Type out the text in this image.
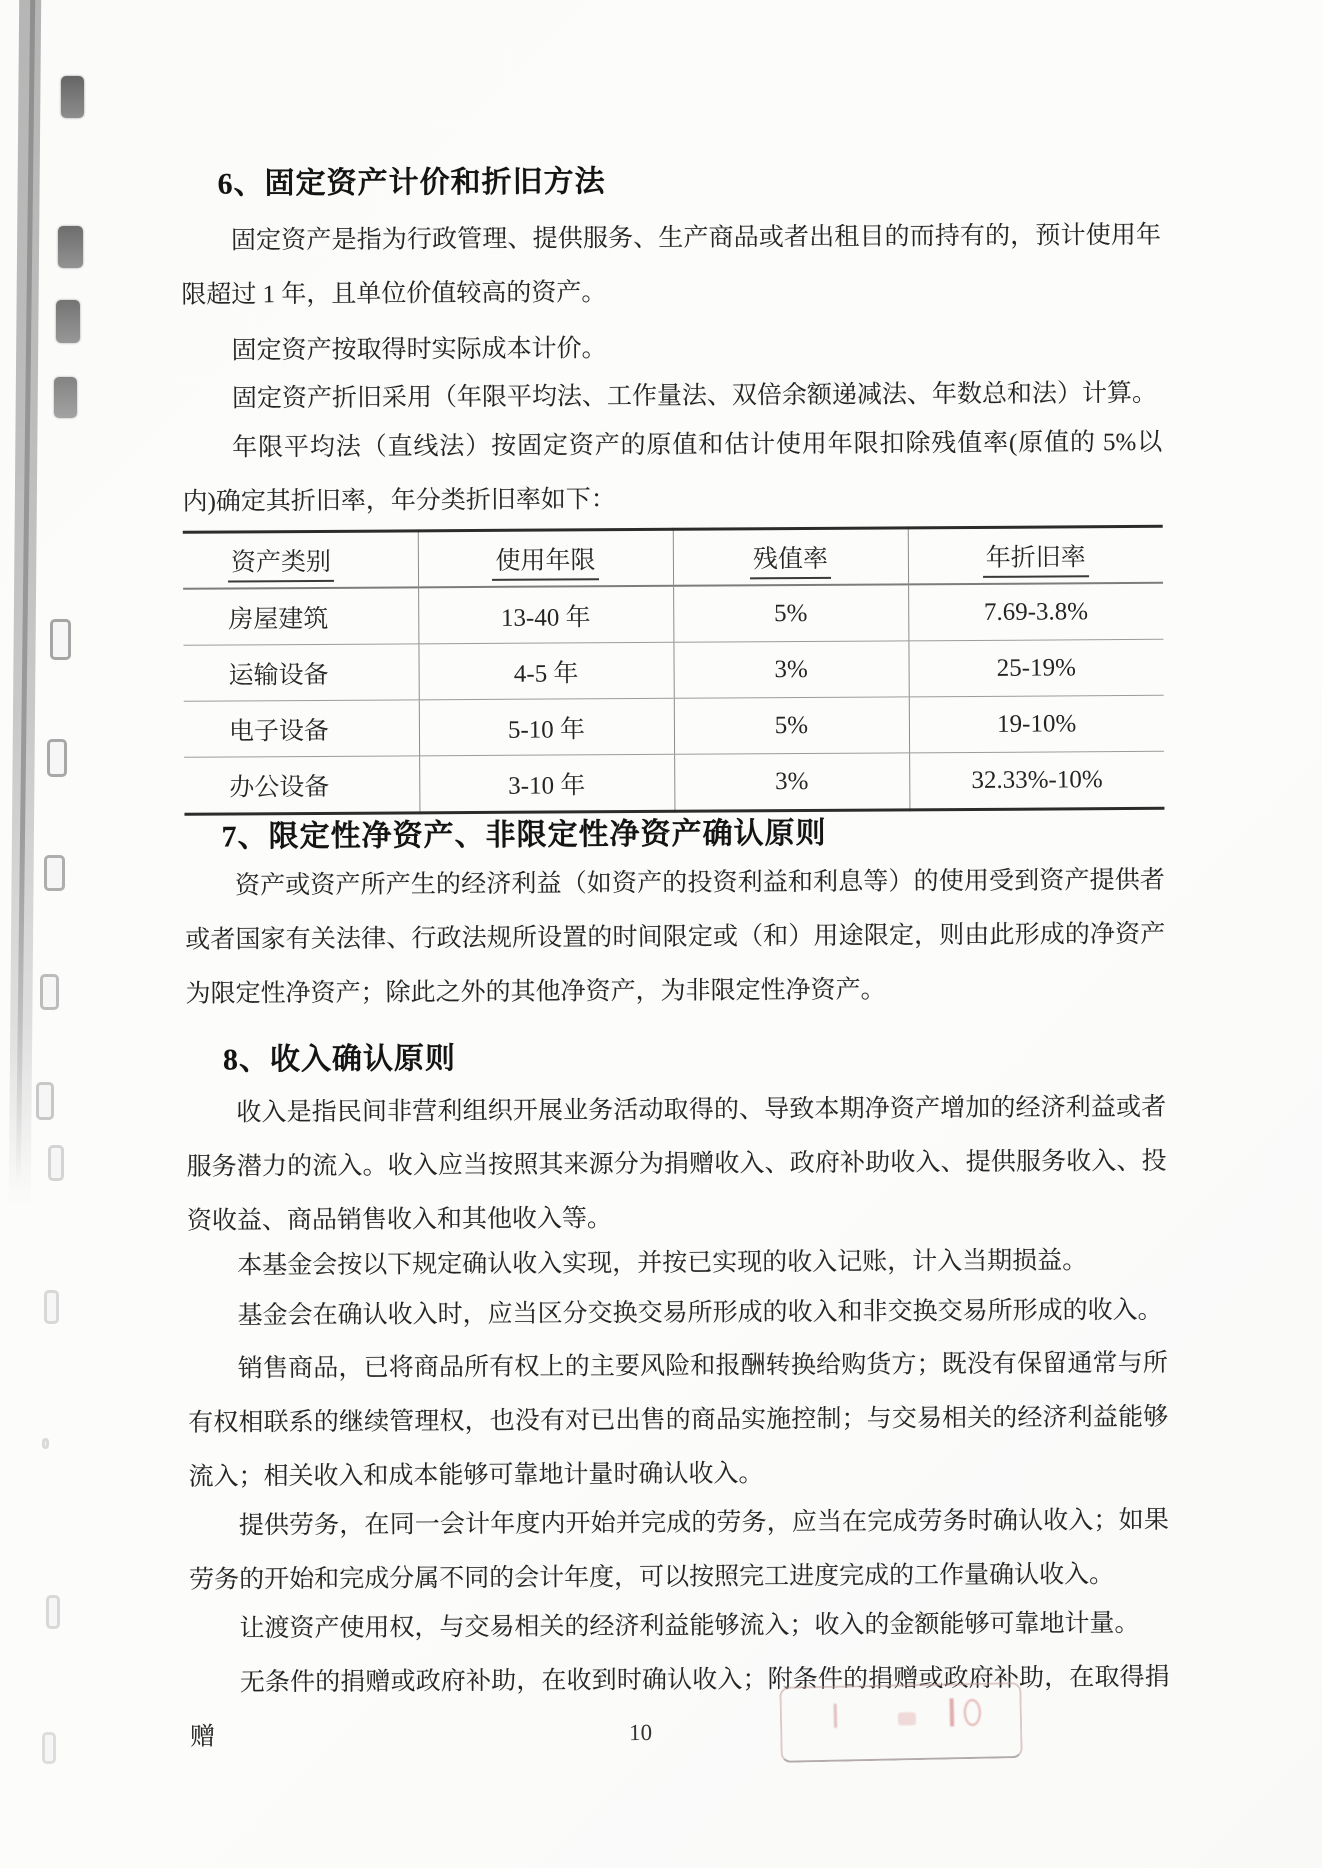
6、固定资产计价和折旧方法
固定资产是指为行政管理、提供服务、生产商品或者出租目的而持有的，预计使用年限超过 1 年，且单位价值较高的资产。
固定资产按取得时实际成本计价。
固定资产折旧采用（年限平均法、工作量法、双倍余额递减法、年数总和法）计算。
年限平均法（直线法）按固定资产的原值和估计使用年限扣除残值率(原值的 5%以内)确定其折旧率，年分类折旧率如下：
资产类别	使用年限	残值率	年折旧率
房屋建筑	13-40 年	5%	7.69-3.8%
运输设备	4-5 年	3%	25-19%
电子设备	5-10 年	5%	19-10%
办公设备	3-10 年	3%	32.33%-10%
7、限定性净资产、非限定性净资产确认原则
资产或资产所产生的经济利益（如资产的投资利益和利息等）的使用受到资产提供者或者国家有关法律、行政法规所设置的时间限定或（和）用途限定，则由此形成的净资产为限定性净资产；除此之外的其他净资产，为非限定性净资产。
8、收入确认原则
收入是指民间非营利组织开展业务活动取得的、导致本期净资产增加的经济利益或者服务潜力的流入。收入应当按照其来源分为捐赠收入、政府补助收入、提供服务收入、投资收益、商品销售收入和其他收入等。
本基金会按以下规定确认收入实现，并按已实现的收入记账，计入当期损益。
基金会在确认收入时，应当区分交换交易所形成的收入和非交换交易所形成的收入。
销售商品，已将商品所有权上的主要风险和报酬转换给购货方；既没有保留通常与所有权相联系的继续管理权，也没有对已出售的商品实施控制；与交易相关的经济利益能够流入；相关收入和成本能够可靠地计量时确认收入。
提供劳务，在同一会计年度内开始并完成的劳务，应当在完成劳务时确认收入；如果劳务的开始和完成分属不同的会计年度，可以按照完工进度完成的工作量确认收入。
让渡资产使用权，与交易相关的经济利益能够流入；收入的金额能够可靠地计量。
无条件的捐赠或政府补助，在收到时确认收入；附条件的捐赠或政府补助，在取得捐赠	10
